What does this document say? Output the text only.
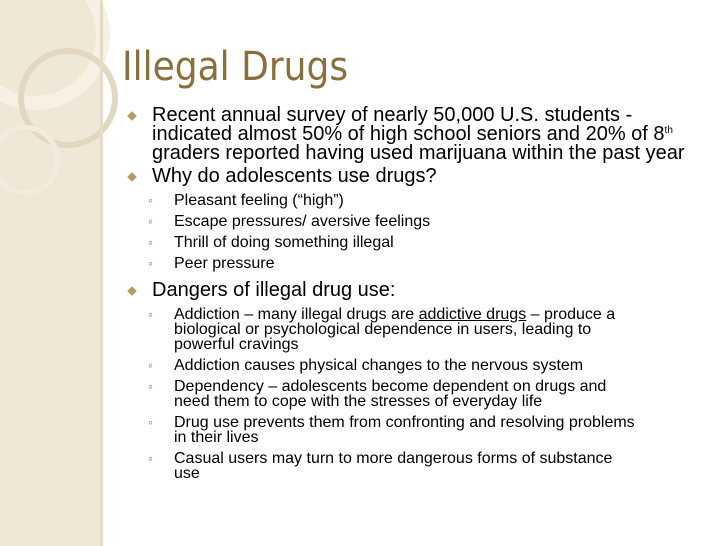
Illegal Drugs
Recent annual survey of nearly 50,000 U.S. students -
indicated almost 50% of high school seniors and 20% of 8th
graders reported having used marijuana within the past year
Why do adolescents use drugs?
◦ Pleasant feeling (“high”)
◦ Escape pressures/ aversive feelings
◦ Thrill of doing something illegal
◦ Peer pressure
Dangers of illegal drug use:
◦ Addiction – many illegal drugs are addictive drugs – produce a
biological or psychological dependence in users, leading to
powerful cravings
◦ Addiction causes physical changes to the nervous system
◦ Dependency – adolescents become dependent on drugs and
need them to cope with the stresses of everyday life
◦ Drug use prevents them from confronting and resolving problems
in their lives
◦ Casual users may turn to more dangerous forms of substance
use
